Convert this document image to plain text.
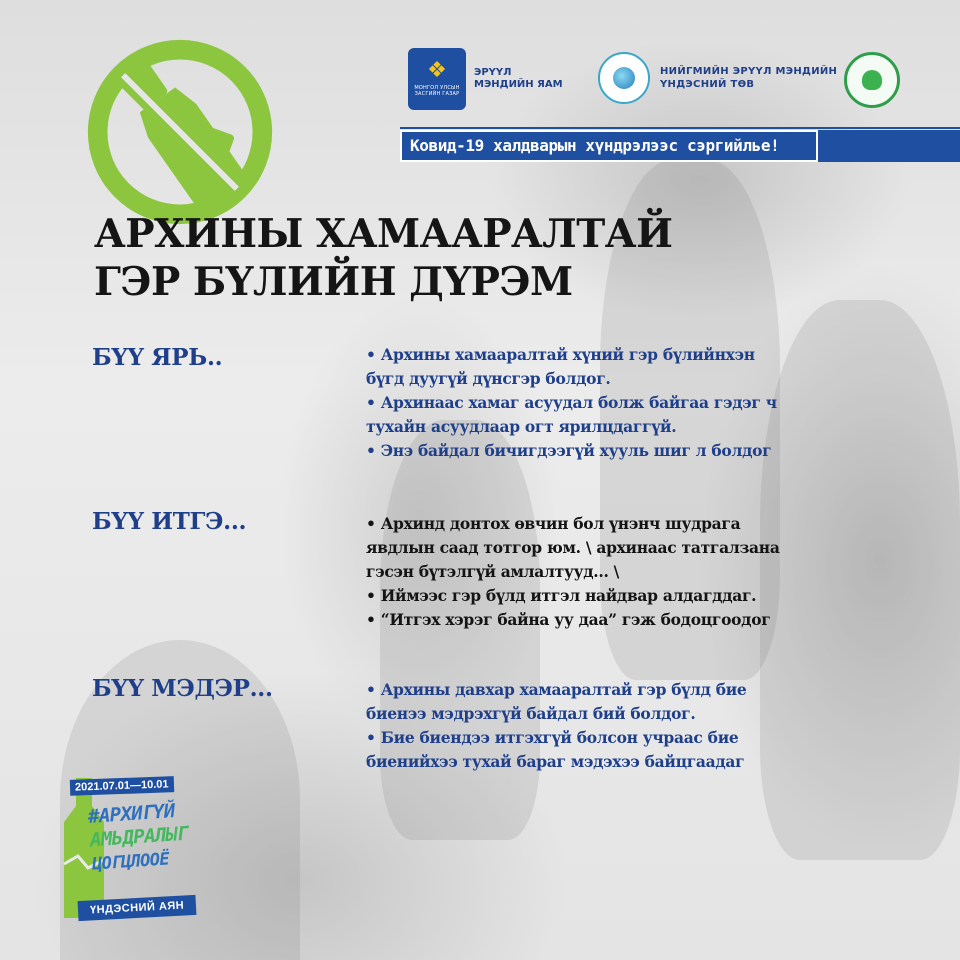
❖
МОНГОЛ УЛСЫН ЗАСГИЙН ГАЗАР
ЭРҮҮЛ
МЭНДИЙН ЯАМ
НИЙГМИЙН ЭРҮҮЛ МЭНДИЙН
ҮНДЭСНИЙ ТӨВ
Ковид-19 халдварын хүндрэлээс сэргийлье!
АРХИНЫ ХАМААРАЛТАЙ
ГЭР БҮЛИЙН ДҮРЭМ
БҮҮ ЯРЬ..	• Архины хамааралтай хүний гэр бүлийнхэн
бүгд дуугүй дүнсгэр болдог.
• Архинаас хамаг асуудал болж байгаа гэдэг ч
тухайн асуудлаар огт ярилцдаггүй.
• Энэ байдал бичигдээгүй хууль шиг л болдог
БҮҮ ИТГЭ...	• Архинд донтох өвчин бол үнэнч шудрага
явдлын саад тотгор юм. \ архинаас татгалзана
гэсэн бүтэлгүй амлалтууд... \
• Иймээс гэр бүлд итгэл найдвар алдагддаг.
• “Итгэх хэрэг байна уу даа” гэж бодоцгоодог
БҮҮ МЭДЭР...	• Архины давхар хамааралтай гэр бүлд бие
биенээ мэдрэхгүй байдал бий болдог.
• Бие биендээ итгэхгүй болсон учраас бие
биенийхээ тухай бараг мэдэхээ байцгаадаг
2021.07.01—10.01
#АРХИГҮЙ
АМЬДРАЛЫГ
ЦОГЦЛООЁ
ҮНДЭСНИЙ АЯН
